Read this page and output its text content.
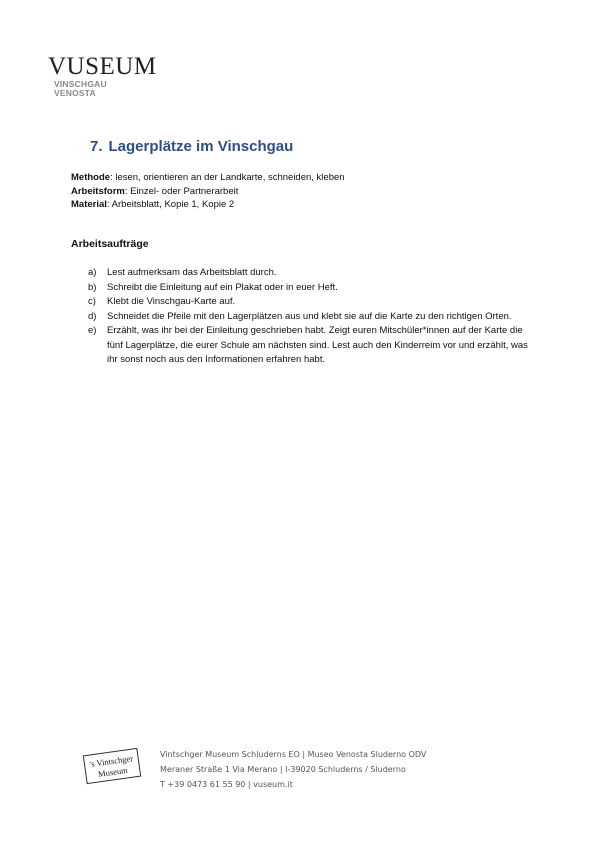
VUSEUM
VINSCHGAU
VENOSTA
7. Lagerplätze im Vinschgau
Methode: lesen, orientieren an der Landkarte, schneiden, kleben
Arbeitsform: Einzel- oder Partnerarbeit
Material: Arbeitsblatt, Kopie 1, Kopie 2
Arbeitsaufträge
a)	Lest aufmerksam das Arbeitsblatt durch.
b)	Schreibt die Einleitung auf ein Plakat oder in euer Heft.
c)	Klebt die Vinschgau-Karte auf.
d)	Schneidet die Pfeile mit den Lagerplätzen aus und klebt sie auf die Karte zu den richtigen Orten.
e)	Erzählt, was ihr bei der Einleitung geschrieben habt. Zeigt euren Mitschüler*innen auf der Karte die fünf Lagerplätze, die eurer Schule am nächsten sind. Lest auch den Kinderreim vor und erzählt, was ihr sonst noch aus den Informationen erfahren habt.
's Vintschger
Museum
Vintschger Museum Schluderns EO | Museo Venosta Sluderno ODV
Meraner Straße 1 Via Merano | I-39020 Schluderns / Sluderno
T +39 0473 61 55 90 | vuseum.it
